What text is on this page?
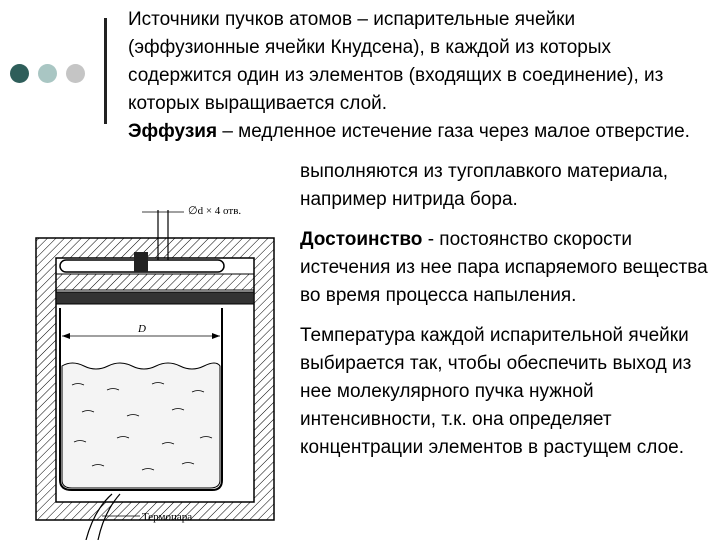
Источники пучков атомов – испарительные ячейки (эффузионные ячейки Кнудсена), в каждой из которых содержится один из элементов (входящих в соединение), из которых выращивается слой.

Эффузия – медленное истечение газа через малое отверстие.

выполняются из тугоплавкого материала, например нитрида бора.

Достоинство - постоянство скорости истечения из нее пара испаряемого вещества во время процесса напыления.

Температура каждой испарительной ячейки выбирается так, чтобы обеспечить выход из нее молекулярного пучка нужной интенсивности, т.к. она определяет концентрации элементов в растущем слое.

∅d × 4 отв.
D
Термопара
